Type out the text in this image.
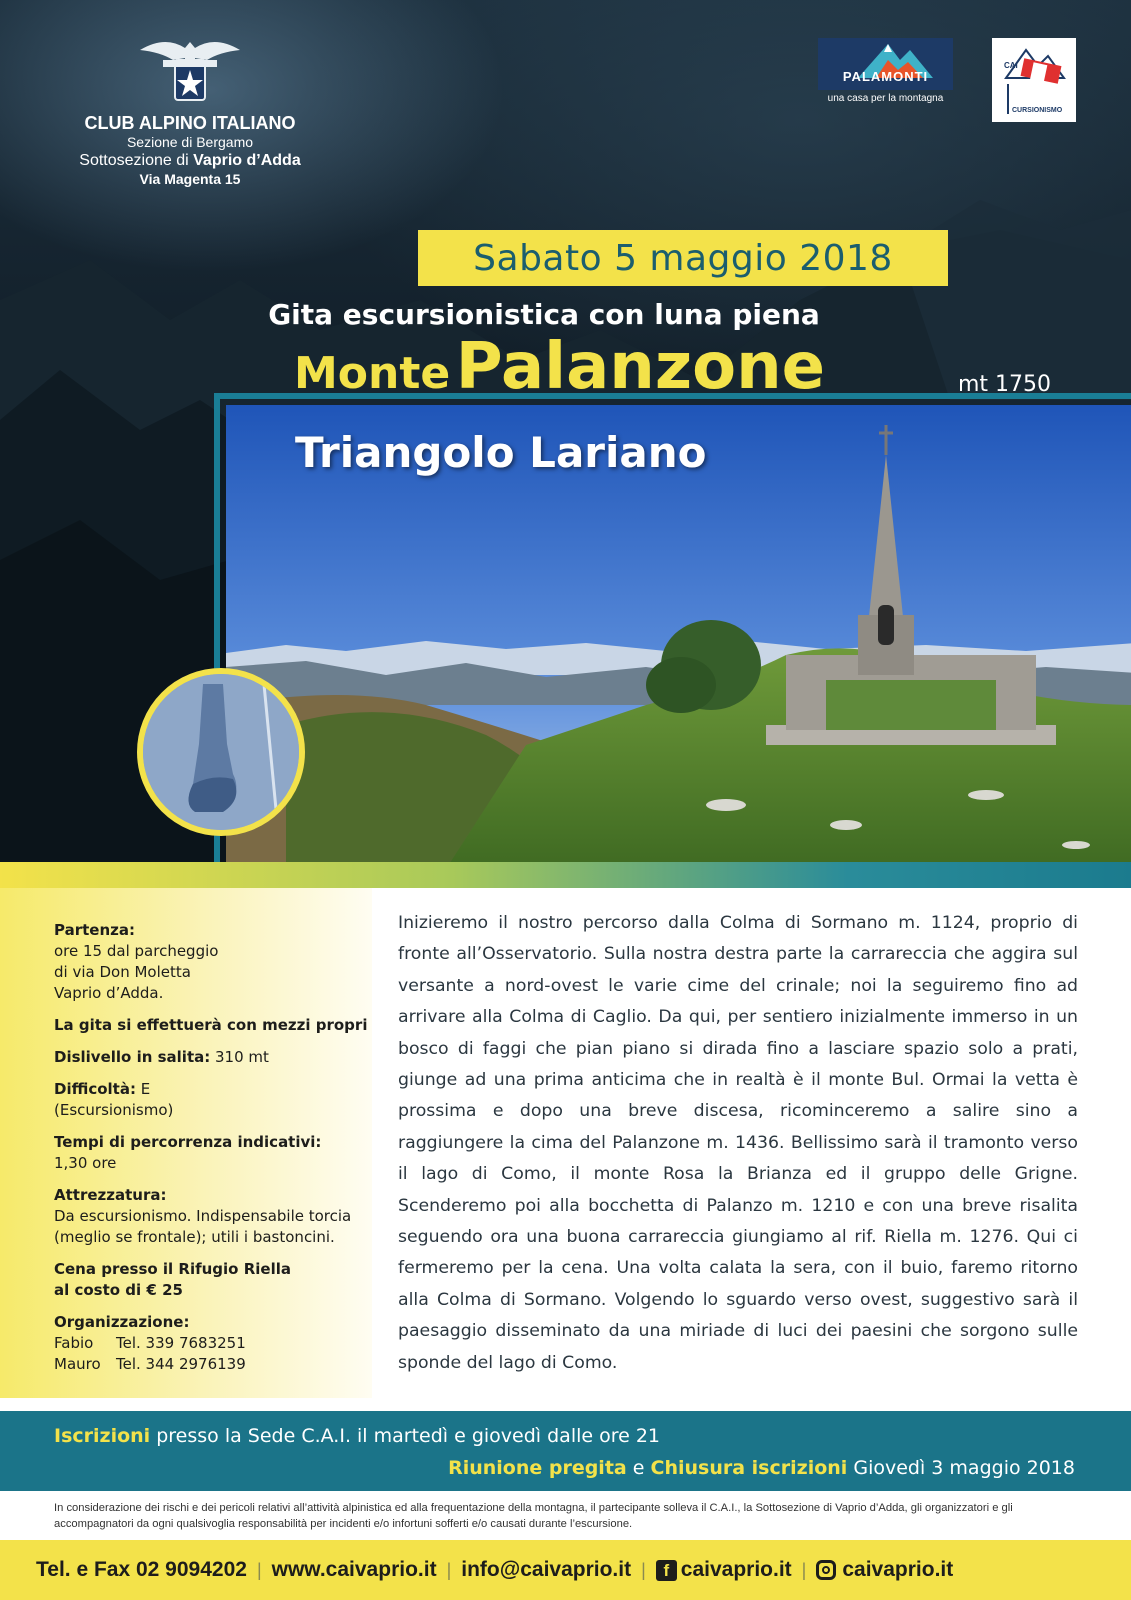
CLUB ALPINO ITALIANO
Sezione di Bergamo
Sottosezione di Vaprio d’Adda
Via Magenta 15
PALAMONTI
una casa per la montagna
CAI
CURSIONISMO
Sabato 5 maggio 2018
Gita escursionistica con luna piena
Monte Palanzone	mt 1750
Triangolo Lariano
Partenza:
ore 15 dal parcheggio
di via Don Moletta
Vaprio d’Adda.
La gita si effettuerà con mezzi propri
Dislivello in salita: 310 mt
Difficoltà: E
(Escursionismo)
Tempi di percorrenza indicativi:
1,30 ore
Attrezzatura:
Da escursionismo. Indispensabile torcia
(meglio se frontale); utili i bastoncini.
Cena presso il Rifugio Riella
al costo di € 25
Organizzazione:
Fabio Tel. 339 7683251
Mauro Tel. 344 2976139
Inizieremo il nostro percorso dalla Colma di Sormano m. 1124, proprio di fronte all’Osservatorio. Sulla nostra destra parte la carrareccia che aggira sul versante a nord-ovest le varie cime del crinale; noi la seguiremo fino ad arrivare alla Colma di Caglio. Da qui, per sentiero inizialmente immerso in un bosco di faggi che pian piano si dirada fino a lasciare spazio solo a prati, giunge ad una prima anticima che in realtà è il monte Bul. Ormai la vetta è prossima e dopo una breve discesa, ricominceremo a salire sino a raggiungere la cima del Palanzone m. 1436. Bellissimo sarà il tramonto verso il lago di Como, il monte Rosa la Brianza ed il gruppo delle Grigne. Scenderemo poi alla bocchetta di Palanzo m. 1210 e con una breve risalita seguendo ora una buona carrareccia giungiamo al rif. Riella m. 1276. Qui ci fermeremo per la cena. Una volta calata la sera, con il buio, faremo ritorno alla Colma di Sormano. Volgendo lo sguardo verso ovest, suggestivo sarà il paesaggio disseminato da una miriade di luci dei paesini che sorgono sulle sponde del lago di Como.
Iscrizioni presso la Sede C.A.I. il martedì e giovedì dalle ore 21
Riunione pregita e Chiusura iscrizioni Giovedì 3 maggio 2018
In considerazione dei rischi e dei pericoli relativi all’attività alpinistica ed alla frequentazione della montagna, il partecipante solleva il C.A.I., la Sottosezione di Vaprio d’Adda, gli organizzatori e gli accompagnatori da ogni qualsivoglia responsabilità per incidenti e/o infortuni sofferti e/o causati durante l’escursione.
Tel. e Fax 02 9094202 | www.caivaprio.it | info@caivaprio.it |	f caivaprio.it | caivaprio.it
